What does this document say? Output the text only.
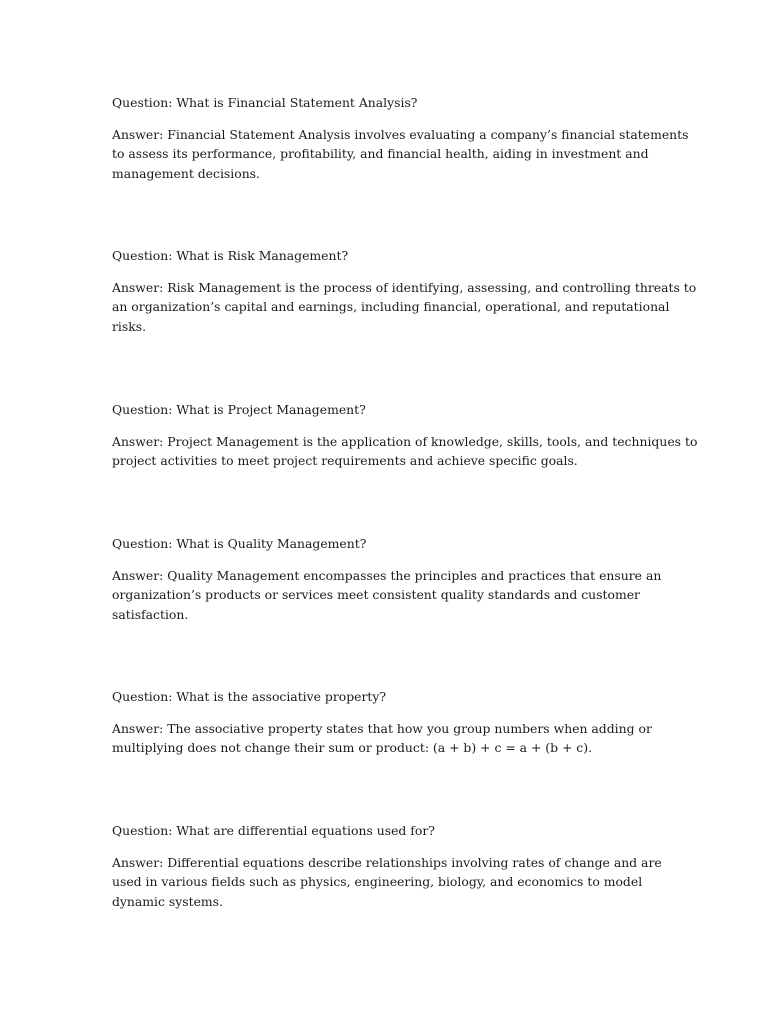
Question: What is Financial Statement Analysis?

Answer: Financial Statement Analysis involves evaluating a company’s financial statements
to assess its performance, profitability, and financial health, aiding in investment and
management decisions.

Question: What is Risk Management?

Answer: Risk Management is the process of identifying, assessing, and controlling threats to
an organization’s capital and earnings, including financial, operational, and reputational
risks.

Question: What is Project Management?

Answer: Project Management is the application of knowledge, skills, tools, and techniques to
project activities to meet project requirements and achieve specific goals.

Question: What is Quality Management?

Answer: Quality Management encompasses the principles and practices that ensure an
organization’s products or services meet consistent quality standards and customer
satisfaction.

Question: What is the associative property?

Answer: The associative property states that how you group numbers when adding or
multiplying does not change their sum or product: (a + b) + c = a + (b + c).

Question: What are differential equations used for?

Answer: Differential equations describe relationships involving rates of change and are
used in various fields such as physics, engineering, biology, and economics to model
dynamic systems.
